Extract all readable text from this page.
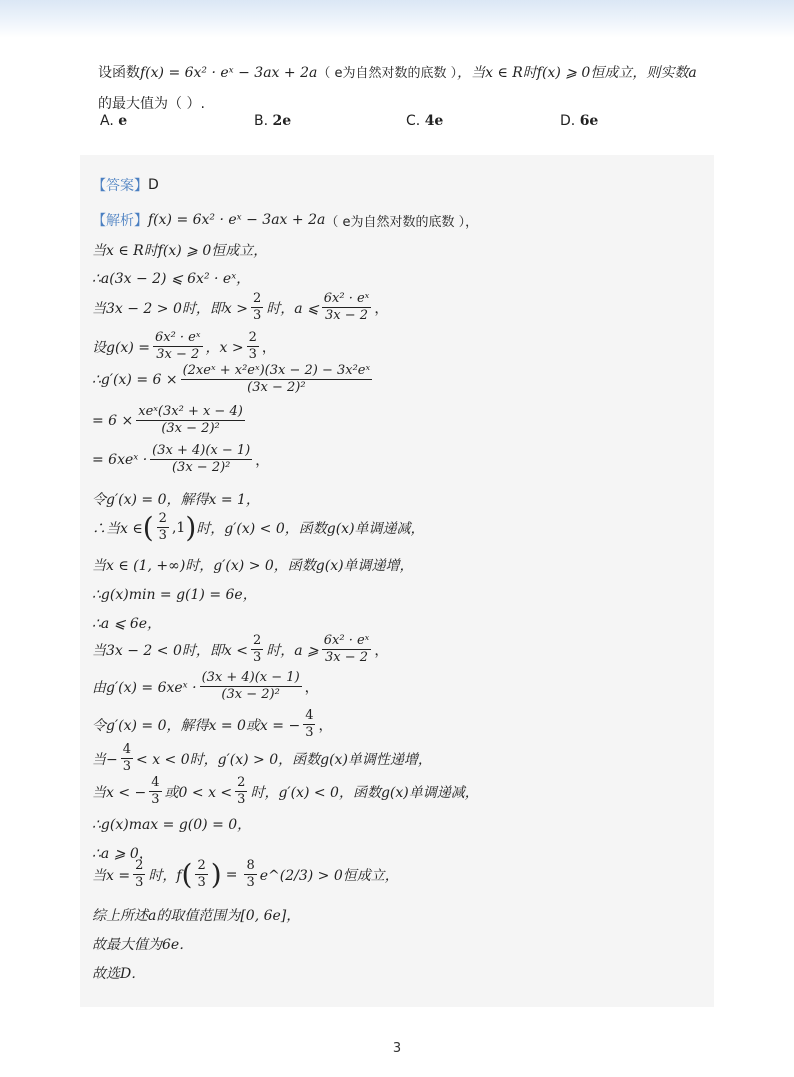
设函数f(x) = 6x² · eˣ − 3ax + 2a（ e为自然对数的底数 ），当x ∈ R时f(x) ⩾ 0恒成立，则实数a
的最大值为（ ）.
A. e	B. 2e	C. 4e	D. 6e
【答案】 D
【解析】 f(x) = 6x² · eˣ − 3ax + 2a （ e为自然对数的底数 ），
当x ∈ R时f(x) ⩾ 0恒成立，
∴a(3x − 2) ⩽ 6x² · eˣ，
当3x − 2 > 0时，即$x > \frac{2}{3}$ 时，a ⩽ $\frac{\text{6x² · eˣ}}{3x - 2}$ ，
设$g(x) = \frac{\text{6x² · eˣ}}{3x - 2}$ ，$x > \frac{2}{3}$ ，
∴g′(x) = $6 \times \frac{\text{(2xeˣ + x²eˣ)(3x − 2) − 3x²eˣ}}{\text{(3x − 2)²}}$
= $6 \times \frac{\text{xeˣ(3x² + x − 4)}}{\text{(3x − 2)²}}$
= 6xeˣ · $\frac{(3x + 4)(x - 1)}{\text{(3x − 2)²}}$ ，
令g′(x) = 0，解得x = 1，
∴当x ∈ ( $\frac{2}{3}$ , 1 ) 时，g′(x) < 0，函数g(x)单调递减，
当x ∈ (1, +∞)时，g′(x) > 0，函数g(x)单调递增，
∴g(x)min = g(1) = 6e，
∴a ⩽ 6e，
当3x − 2 < 0时，即$x < \frac{2}{3}$ 时，a ⩾ $\frac{\text{6x² · eˣ}}{3x - 2}$ ，
由g′(x) = 6xeˣ · $\frac{(3x + 4)(x - 1)}{\text{(3x − 2)²}}$ ，
令g′(x) = 0，解得x = 0或x = − $\frac{4}{3}$ ，
当− $\frac{4}{3} < x < 0$时，g′(x) > 0，函数g(x)单调性递增，
当x < − $\frac{4}{3}$ 或$0 < x < \frac{2}{3}$ 时，g′(x) < 0，函数g(x)单调递减，
∴g(x)max = g(0) = 0，
∴a ⩾ 0，
当$x = \frac{2}{3}$ 时，f ( $\frac{2}{3}$ ) = $\frac{8}{3}$ e^(2/3) > 0恒成立，
综上所述a的取值范围为[0, 6e]，
故最大值为6e．
故选D．
3
